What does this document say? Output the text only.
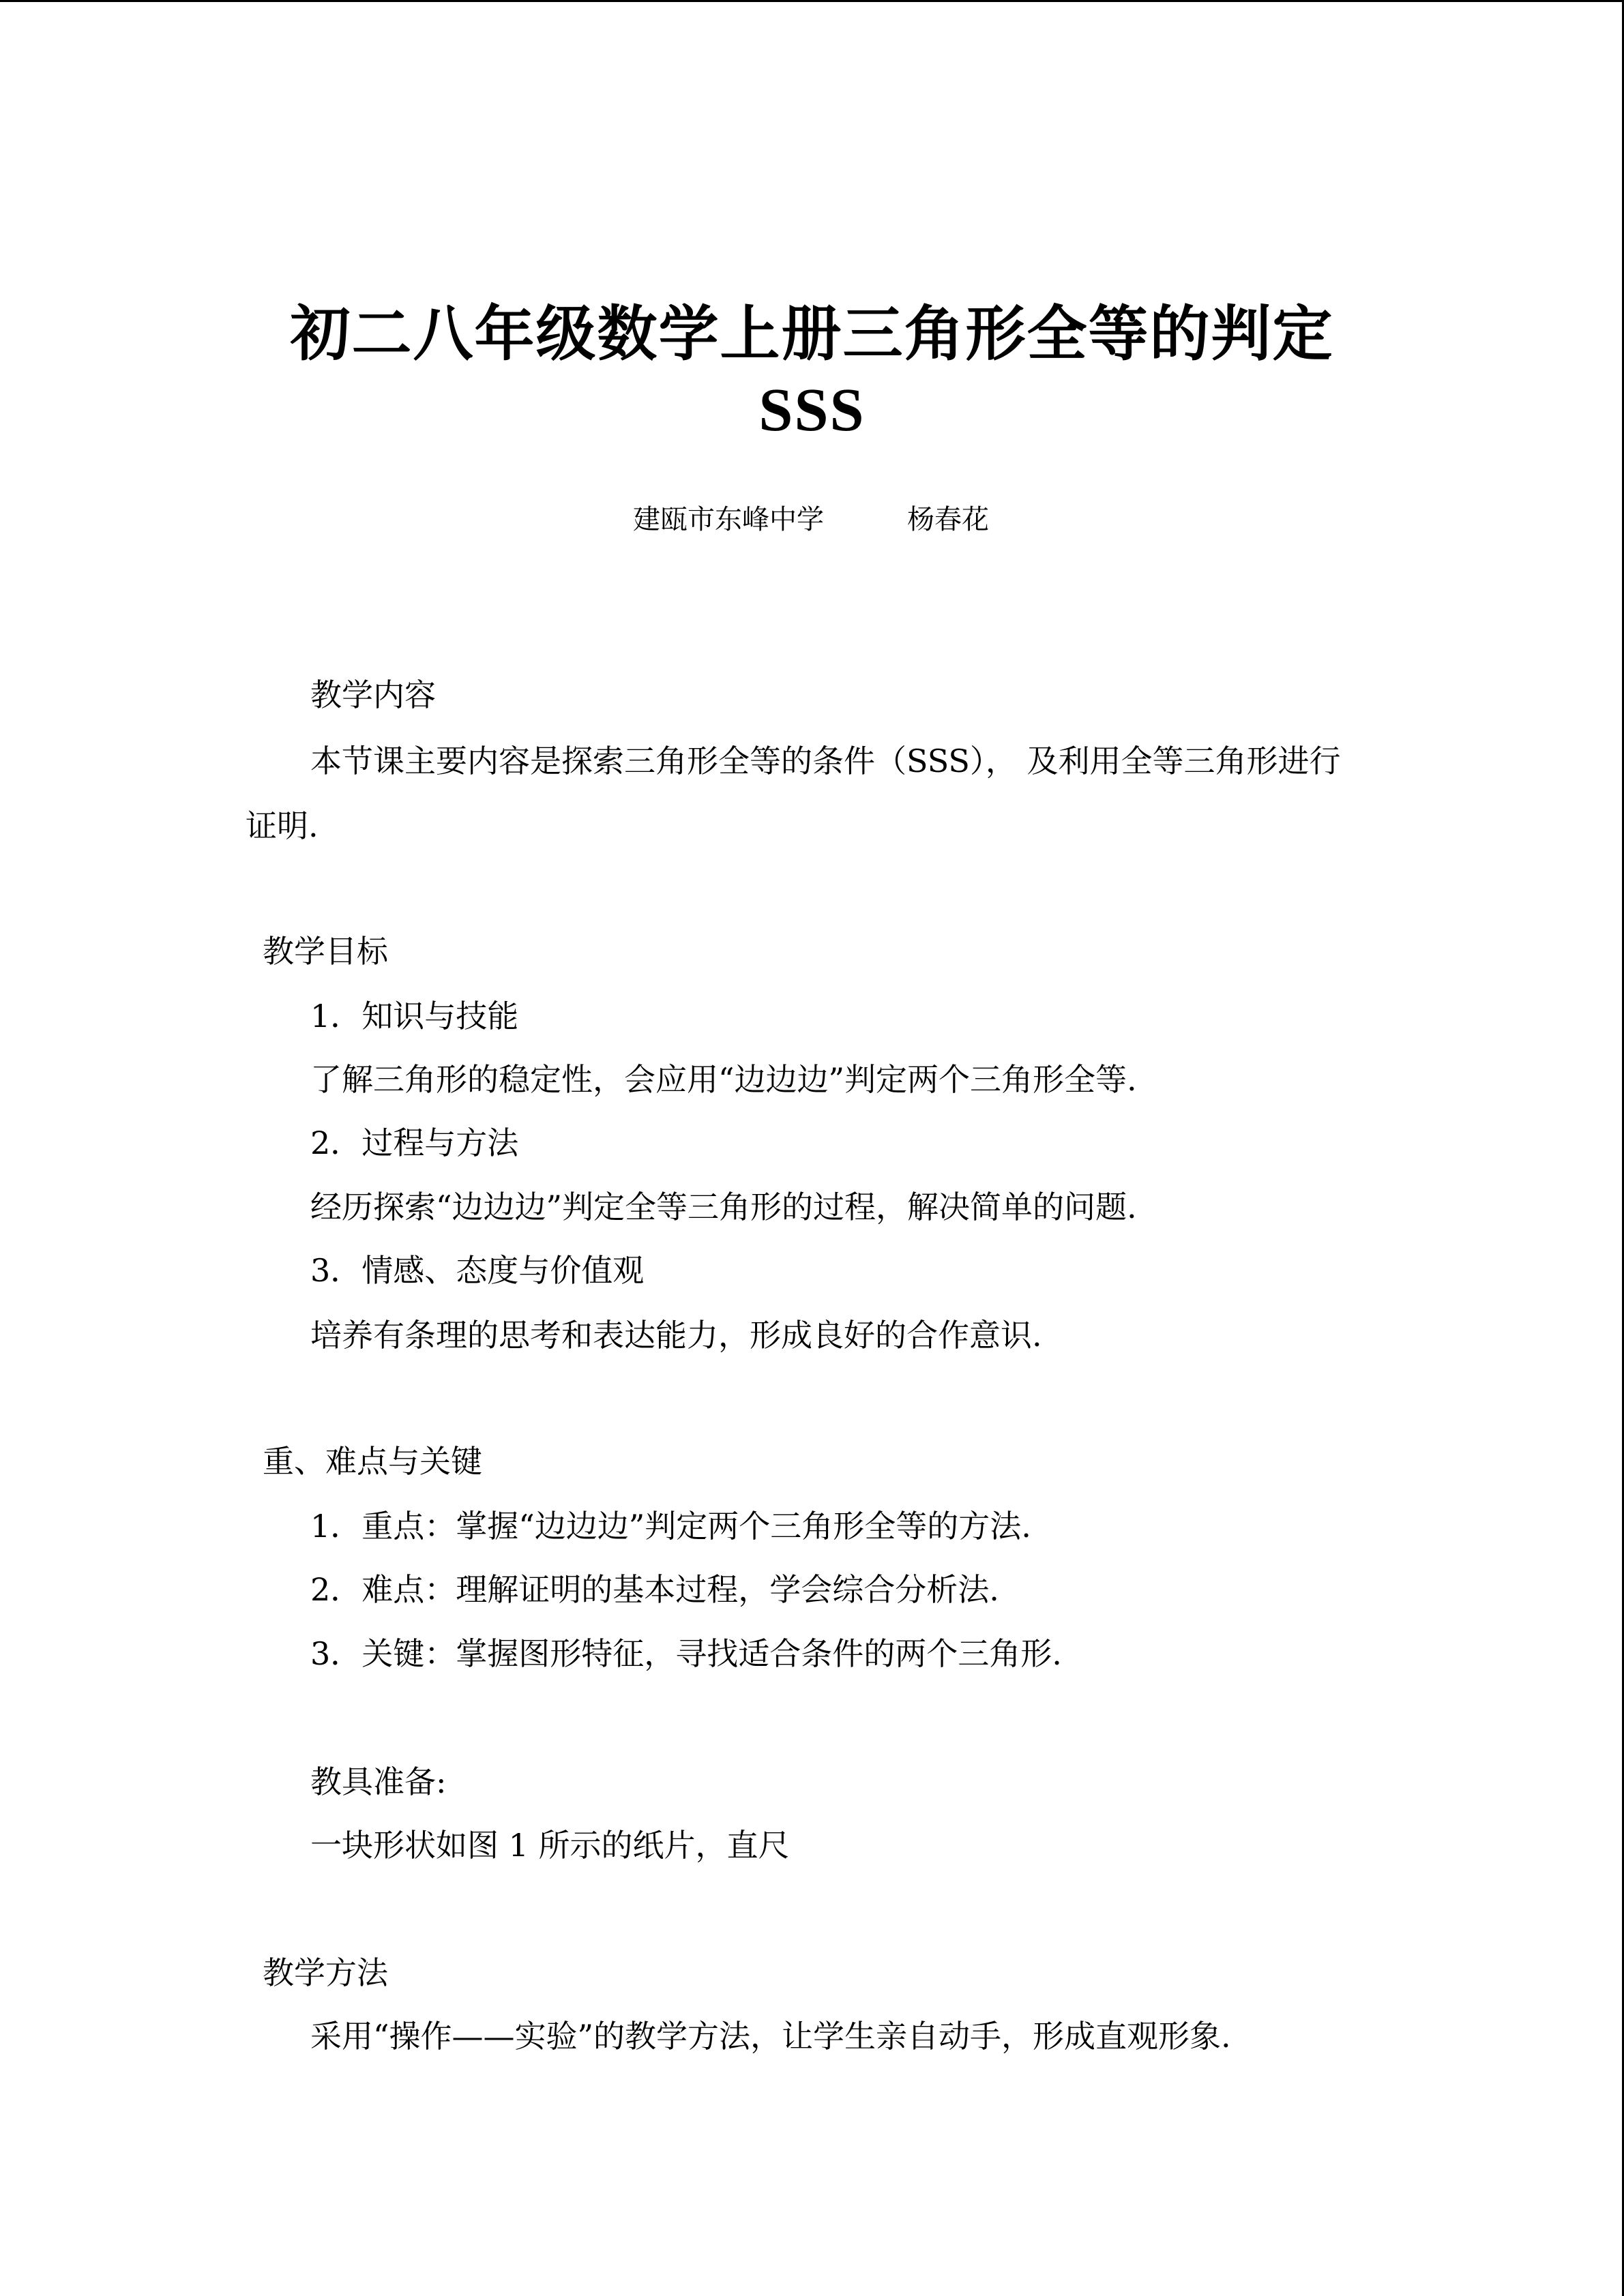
初二八年级数学上册三角形全等的判定
SSS
建瓯市东峰中学	杨春花
教学内容
本节课主要内容是探索三角形全等的条件（SSS）， 及利用全等三角形进行
证明.
教学目标
1．知识与技能
了解三角形的稳定性，会应用“边边边”判定两个三角形全等.
2．过程与方法
经历探索“边边边”判定全等三角形的过程，解决简单的问题.
3．情感、态度与价值观
培养有条理的思考和表达能力，形成良好的合作意识.
重、难点与关键
1．重点：掌握“边边边”判定两个三角形全等的方法.
2．难点：理解证明的基本过程，学会综合分析法.
3．关键：掌握图形特征，寻找适合条件的两个三角形.
教具准备:
一块形状如图 1 所示的纸片，直尺
教学方法
采用“操作——实验”的教学方法，让学生亲自动手，形成直观形象.
